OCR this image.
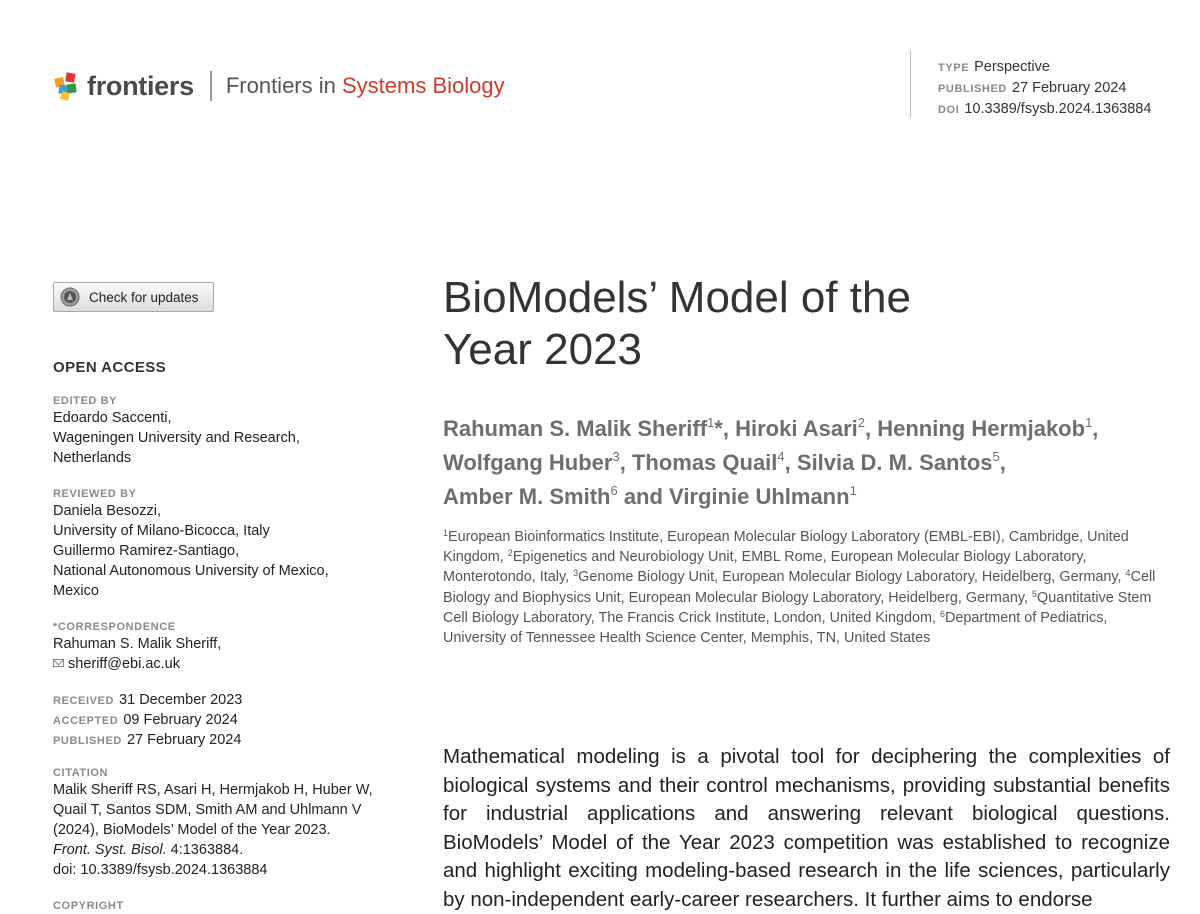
frontiers Frontiers in Systems Biology
TYPE Perspective
PUBLISHED 27 February 2024
DOI 10.3389/fsysb.2024.1363884
Check for updates
OPEN ACCESS
EDITED BY
Edoardo Saccenti,
Wageningen University and Research,
Netherlands
REVIEWED BY
Daniela Besozzi,
University of Milano-Bicocca, Italy
Guillermo Ramirez-Santiago,
National Autonomous University of Mexico,
Mexico
*CORRESPONDENCE
Rahuman S. Malik Sheriff,
sheriff@ebi.ac.uk
RECEIVED 31 December 2023
ACCEPTED 09 February 2024
PUBLISHED 27 February 2024
CITATION
Malik Sheriff RS, Asari H, Hermjakob H, Huber W,
Quail T, Santos SDM, Smith AM and Uhlmann V
(2024), BioModels’ Model of the Year 2023.
Front. Syst. Bisol. 4:1363884.
doi: 10.3389/fsysb.2024.1363884
COPYRIGHT
BioModels’ Model of the
Year 2023
Rahuman S. Malik Sheriff$^1$*, Hiroki Asari$^2$, Henning Hermjakob$^1$,
Wolfgang Huber$^3$, Thomas Quail$^4$, Silvia D. M. Santos$^5$,
Amber M. Smith$^6$ and Virginie Uhlmann$^1$
$^1$European Bioinformatics Institute, European Molecular Biology Laboratory (EMBL-EBI), Cambridge, United Kingdom, $^2$Epigenetics and Neurobiology Unit, EMBL Rome, European Molecular Biology Laboratory, Monterotondo, Italy, $^3$Genome Biology Unit, European Molecular Biology Laboratory, Heidelberg, Germany, $^4$Cell Biology and Biophysics Unit, European Molecular Biology Laboratory, Heidelberg, Germany, $^5$Quantitative Stem Cell Biology Laboratory, The Francis Crick Institute, London, United Kingdom, $^6$Department of Pediatrics, University of Tennessee Health Science Center, Memphis, TN, United States
Mathematical modeling is a pivotal tool for deciphering the complexities of biological systems and their control mechanisms, providing substantial benefits for industrial applications and answering relevant biological questions. BioModels’ Model of the Year 2023 competition was established to recognize and highlight exciting modeling-based research in the life sciences, particularly by non-independent early-career researchers. It further aims to endorse
